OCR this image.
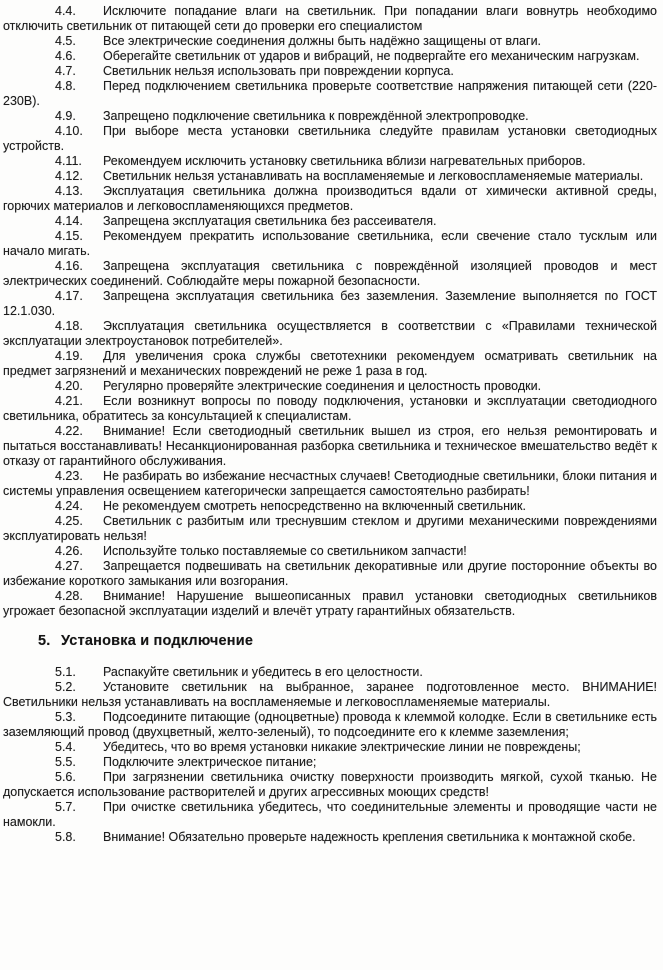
4.4. Исключите попадание влаги на светильник. При попадании влаги вовнутрь необходимо отключить светильник от питающей сети до проверки его специалистом

4.5. Все электрические соединения должны быть надёжно защищены от влаги.

4.6. Оберегайте светильник от ударов и вибраций, не подвергайте его механическим нагрузкам.

4.7. Светильник нельзя использовать при повреждении корпуса.

4.8. Перед подключением светильника проверьте соответствие напряжения питающей сети (220-230В).

4.9. Запрещено подключение светильника к повреждённой электропроводке.

4.10. При выборе места установки светильника следуйте правилам установки светодиодных устройств.

4.11. Рекомендуем исключить установку светильника вблизи нагревательных приборов.

4.12. Светильник нельзя устанавливать на воспламеняемые и легковоспламеняемые материалы.

4.13. Эксплуатация светильника должна производиться вдали от химически активной среды, горючих материалов и легковоспламеняющихся предметов.

4.14. Запрещена эксплуатация светильника без рассеивателя.

4.15. Рекомендуем прекратить использование светильника, если свечение стало тусклым или начало мигать.

4.16. Запрещена эксплуатация светильника с повреждённой изоляцией проводов и мест электрических соединений. Соблюдайте меры пожарной безопасности.

4.17. Запрещена эксплуатация светильника без заземления. Заземление выполняется по ГОСТ 12.1.030.

4.18. Эксплуатация светильника осуществляется в соответствии с «Правилами технической эксплуатации электроустановок потребителей».

4.19. Для увеличения срока службы светотехники рекомендуем осматривать светильник на предмет загрязнений и механических повреждений не реже 1 раза в год.

4.20. Регулярно проверяйте электрические соединения и целостность проводки.

4.21. Если возникнут вопросы по поводу подключения, установки и эксплуатации светодиодного светильника, обратитесь за консультацией к специалистам.

4.22. Внимание! Если светодиодный светильник вышел из строя, его нельзя ремонтировать и пытаться восстанавливать! Несанкционированная разборка светильника и техническое вмешательство ведёт к отказу от гарантийного обслуживания.

4.23. Не разбирать во избежание несчастных случаев! Светодиодные светильники, блоки питания и системы управления освещением категорически запрещается самостоятельно разбирать!

4.24. Не рекомендуем смотреть непосредственно на включенный светильник.

4.25. Светильник с разбитым или треснувшим стеклом и другими механическими повреждениями эксплуатировать нельзя!

4.26. Используйте только поставляемые со светильником запчасти!

4.27. Запрещается подвешивать на светильник декоративные или другие посторонние объекты во избежание короткого замыкания или возгорания.

4.28. Внимание! Нарушение вышеописанных правил установки светодиодных светильников угрожает безопасной эксплуатации изделий и влечёт утрату гарантийных обязательств.

5. Установка и подключение

5.1. Распакуйте светильник и убедитесь в его целостности.

5.2. Установите светильник на выбранное, заранее подготовленное место. ВНИМАНИЕ! Светильники нельзя устанавливать на воспламеняемые и легковоспламеняемые материалы.

5.3. Подсоедините питающие (одноцветные) провода к клеммой колодке. Если в светильнике есть заземляющий провод (двухцветный, желто-зеленый), то подсоедините его к клемме заземления;

5.4. Убедитесь, что во время установки никакие электрические линии не повреждены;

5.5. Подключите электрическое питание;

5.6. При загрязнении светильника очистку поверхности производить мягкой, сухой тканью. Не допускается использование растворителей и других агрессивных моющих средств!

5.7. При очистке светильника убедитесь, что соединительные элементы и проводящие части не намокли.

5.8. Внимание! Обязательно проверьте надежность крепления светильника к монтажной скобе.
